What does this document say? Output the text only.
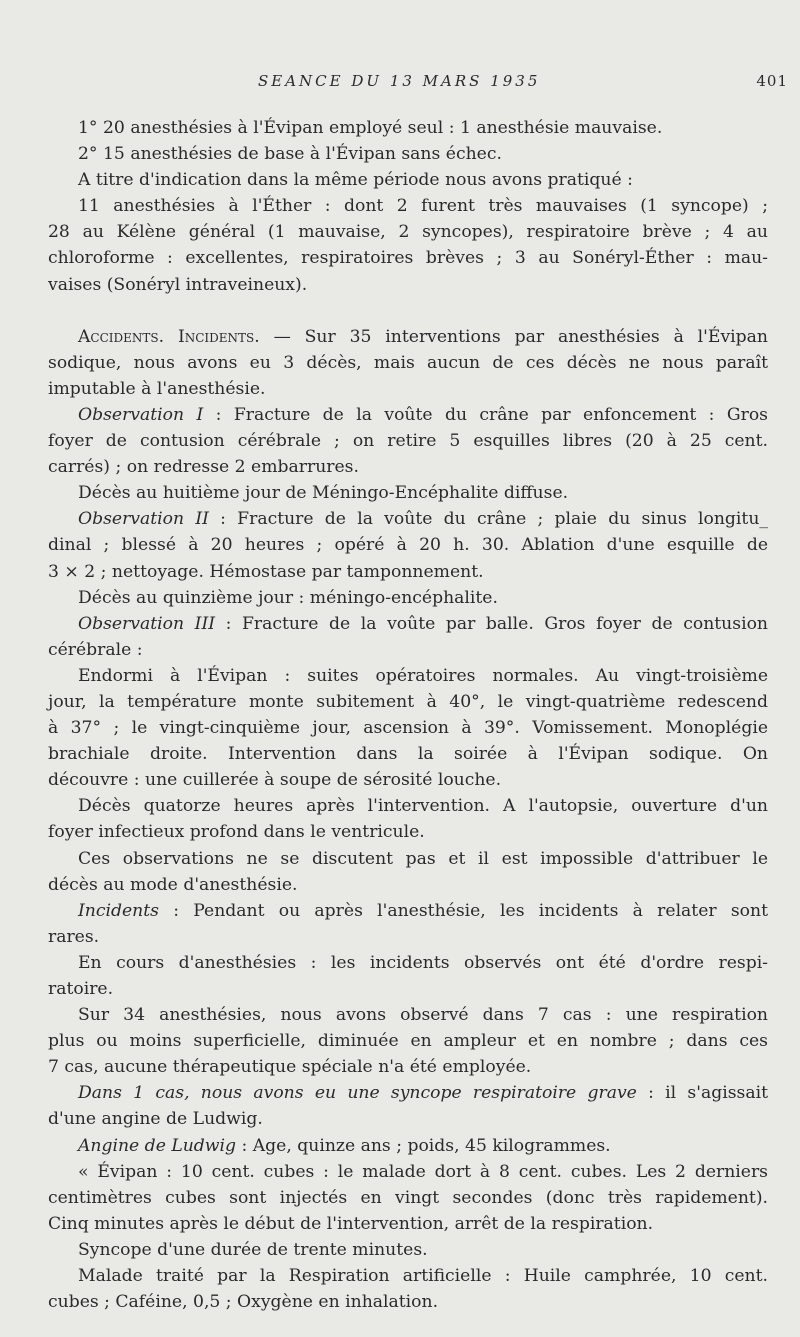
SEANCE DU 13 MARS 1935	401
1° 20 anesthésies à l'Évipan employé seul : 1 anesthésie mauvaise.
2° 15 anesthésies de base à l'Évipan sans échec.
A titre d'indication dans la même période nous avons pratiqué :
11 anesthésies à l'Éther : dont 2 furent très mauvaises (1 syncope) ;
28 au Kélène général (1 mauvaise, 2 syncopes), respiratoire brève ; 4 au
chloroforme : excellentes, respiratoires brèves ; 3 au Sonéryl-Éther : mau-
vaises (Sonéryl intraveineux).
Accidents. Incidents. — Sur 35 interventions par anesthésies à l'Évipan
sodique, nous avons eu 3 décès, mais aucun de ces décès ne nous paraît
imputable à l'anesthésie.
Observation I : Fracture de la voûte du crâne par enfoncement : Gros
foyer de contusion cérébrale ; on retire 5 esquilles libres (20 à 25 cent.
carrés) ; on redresse 2 embarrures.
Décès au huitième jour de Méningo-Encéphalite diffuse.
Observation II : Fracture de la voûte du crâne ; plaie du sinus longitu_
dinal ; blessé à 20 heures ; opéré à 20 h. 30. Ablation d'une esquille de
3 × 2 ; nettoyage. Hémostase par tamponnement.
Décès au quinzième jour : méningo-encéphalite.
Observation III : Fracture de la voûte par balle. Gros foyer de contusion
cérébrale :
Endormi à l'Évipan : suites opératoires normales. Au vingt-troisième
jour, la température monte subitement à 40°, le vingt-quatrième redescend
à 37° ; le vingt-cinquième jour, ascension à 39°. Vomissement. Monoplégie
brachiale droite. Intervention dans la soirée à l'Évipan sodique. On
découvre : une cuillerée à soupe de sérosité louche.
Décès quatorze heures après l'intervention. A l'autopsie, ouverture d'un
foyer infectieux profond dans le ventricule.
Ces observations ne se discutent pas et il est impossible d'attribuer le
décès au mode d'anesthésie.
Incidents : Pendant ou après l'anesthésie, les incidents à relater sont
rares.
En cours d'anesthésies : les incidents observés ont été d'ordre respi-
ratoire.
Sur 34 anesthésies, nous avons observé dans 7 cas : une respiration
plus ou moins superficielle, diminuée en ampleur et en nombre ; dans ces
7 cas, aucune thérapeutique spéciale n'a été employée.
Dans 1 cas, nous avons eu une syncope respiratoire grave : il s'agissait
d'une angine de Ludwig.
Angine de Ludwig : Age, quinze ans ; poids, 45 kilogrammes.
« Évipan : 10 cent. cubes : le malade dort à 8 cent. cubes. Les 2 derniers
centimètres cubes sont injectés en vingt secondes (donc très rapidement).
Cinq minutes après le début de l'intervention, arrêt de la respiration.
Syncope d'une durée de trente minutes.
Malade traité par la Respiration artificielle : Huile camphrée, 10 cent.
cubes ; Caféine, 0,5 ; Oxygène en inhalation.
